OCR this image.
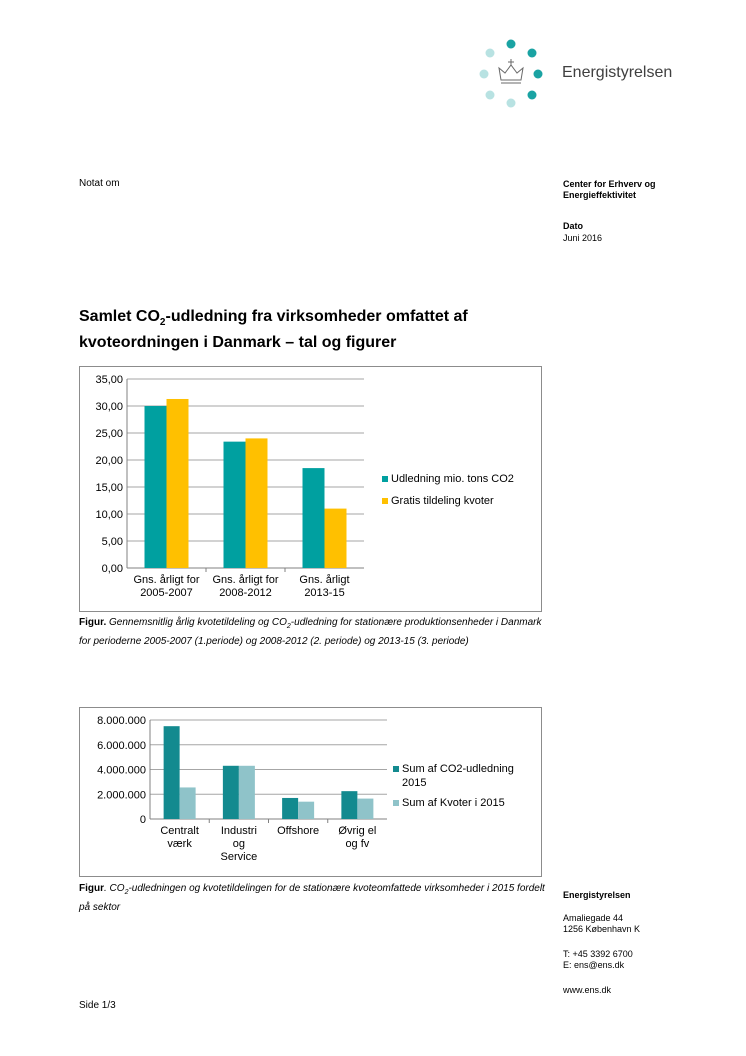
Energistyrelsen
Notat om	Center for Erhverv og
Energieffektivitet
Dato
Juni 2016
Samlet $CO_2$-udledning fra virksomheder omfattet af
kvoteordningen i Danmark – tal og figurer
0,00
5,00
10,00
15,00
20,00
25,00
30,00
35,00
Gns. årligt for
2005-2007
Gns. årligt for
2008-2012
Gns. årligt
2013-15
Udledning mio. tons CO2
Gratis tildeling kvoter
Figur. Gennemsnitlig årlig kvotetildeling og $CO_2$-udledning for stationære produktionsenheder i Danmark for perioderne 2005-2007 (1.periode) og 2008-2012 (2. periode) og 2013-15 (3. periode)
0
2.000.000
4.000.000
6.000.000
8.000.000
Centralt
værk
Industri
og
Service
Offshore Øvrig el
og fv
Sum af CO2-udledning
2015
Sum af Kvoter i 2015
Figur. $CO_2$-udledningen og kvotetildelingen for de stationære kvoteomfattede virksomheder i 2015 fordelt på sektor
Energistyrelsen
Amaliegade 44
1256 København K
T: +45 3392 6700
E: ens@ens.dk
www.ens.dk
Side 1/3
